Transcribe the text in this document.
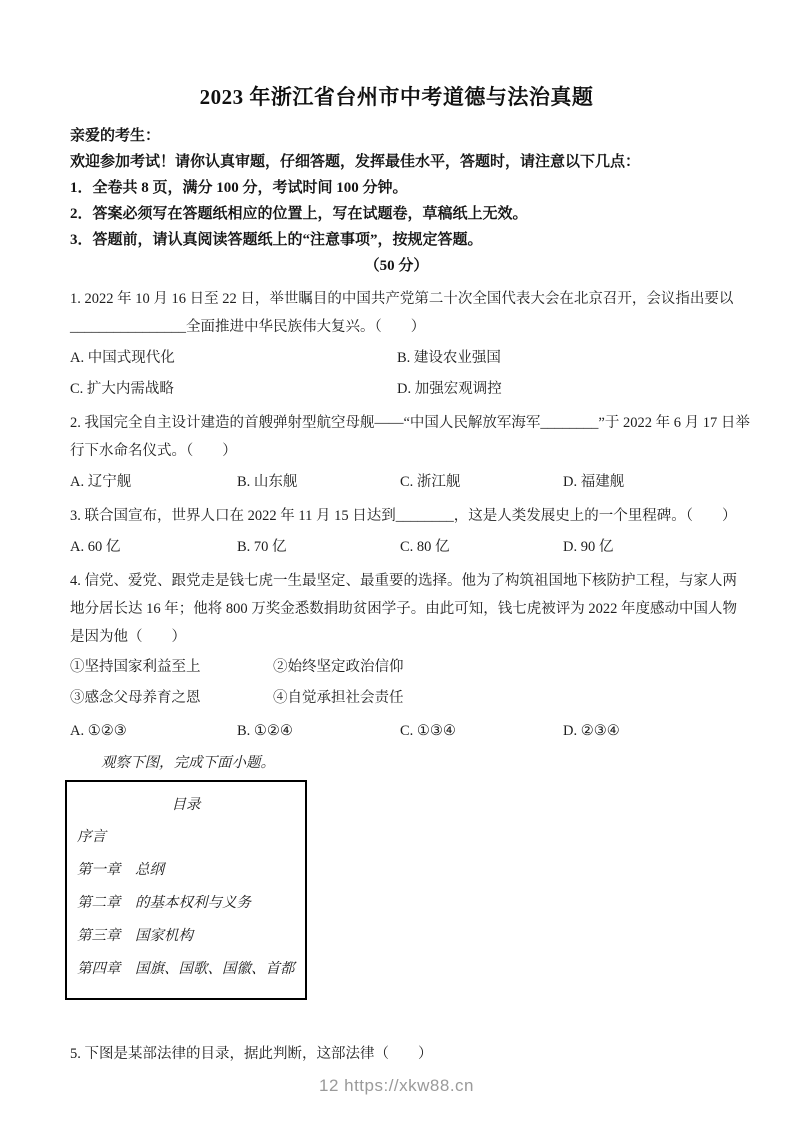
2023 年浙江省台州市中考道德与法治真题
亲爱的考生：
欢迎参加考试！请你认真审题，仔细答题，发挥最佳水平，答题时，请注意以下几点：
1．全卷共 8 页，满分 100 分，考试时间 100 分钟。
2．答案必须写在答题纸相应的位置上，写在试题卷，草稿纸上无效。
3．答题前，请认真阅读答题纸上的“注意事项”，按规定答题。
（50 分）
1. 2022 年 10 月 16 日至 22 日，举世瞩目的中国共产党第二十次全国代表大会在北京召开，会议指出要以
________________全面推进中华民族伟大复兴。（　　）
A. 中国式现代化	B. 建设农业强国
C. 扩大内需战略	D. 加强宏观调控
2. 我国完全自主设计建造的首艘弹射型航空母舰——“中国人民解放军海军________”于 2022 年 6 月 17 日举
行下水命名仪式。（　　）
A. 辽宁舰	B. 山东舰	C. 浙江舰	D. 福建舰
3. 联合国宣布，世界人口在 2022 年 11 月 15 日达到________，这是人类发展史上的一个里程碑。（　　）
A. 60 亿	B. 70 亿	C. 80 亿	D. 90 亿
4. 信党、爱党、跟党走是钱七虎一生最坚定、最重要的选择。他为了构筑祖国地下核防护工程，与家人两
地分居长达 16 年；他将 800 万奖金悉数捐助贫困学子。由此可知，钱七虎被评为 2022 年度感动中国人物
是因为他（　　）
①坚持国家利益至上	②始终坚定政治信仰
③感念父母养育之恩	④自觉承担社会责任
A. ①②③	B. ①②④	C. ①③④	D. ②③④
观察下图，完成下面小题。
目录
序言
第一章　总纲
第二章　的基本权利与义务
第三章　国家机构
第四章　国旗、国歌、国徽、首都
5. 下图是某部法律的目录，据此判断，这部法律（　　）
12 https://xkw88.cn
